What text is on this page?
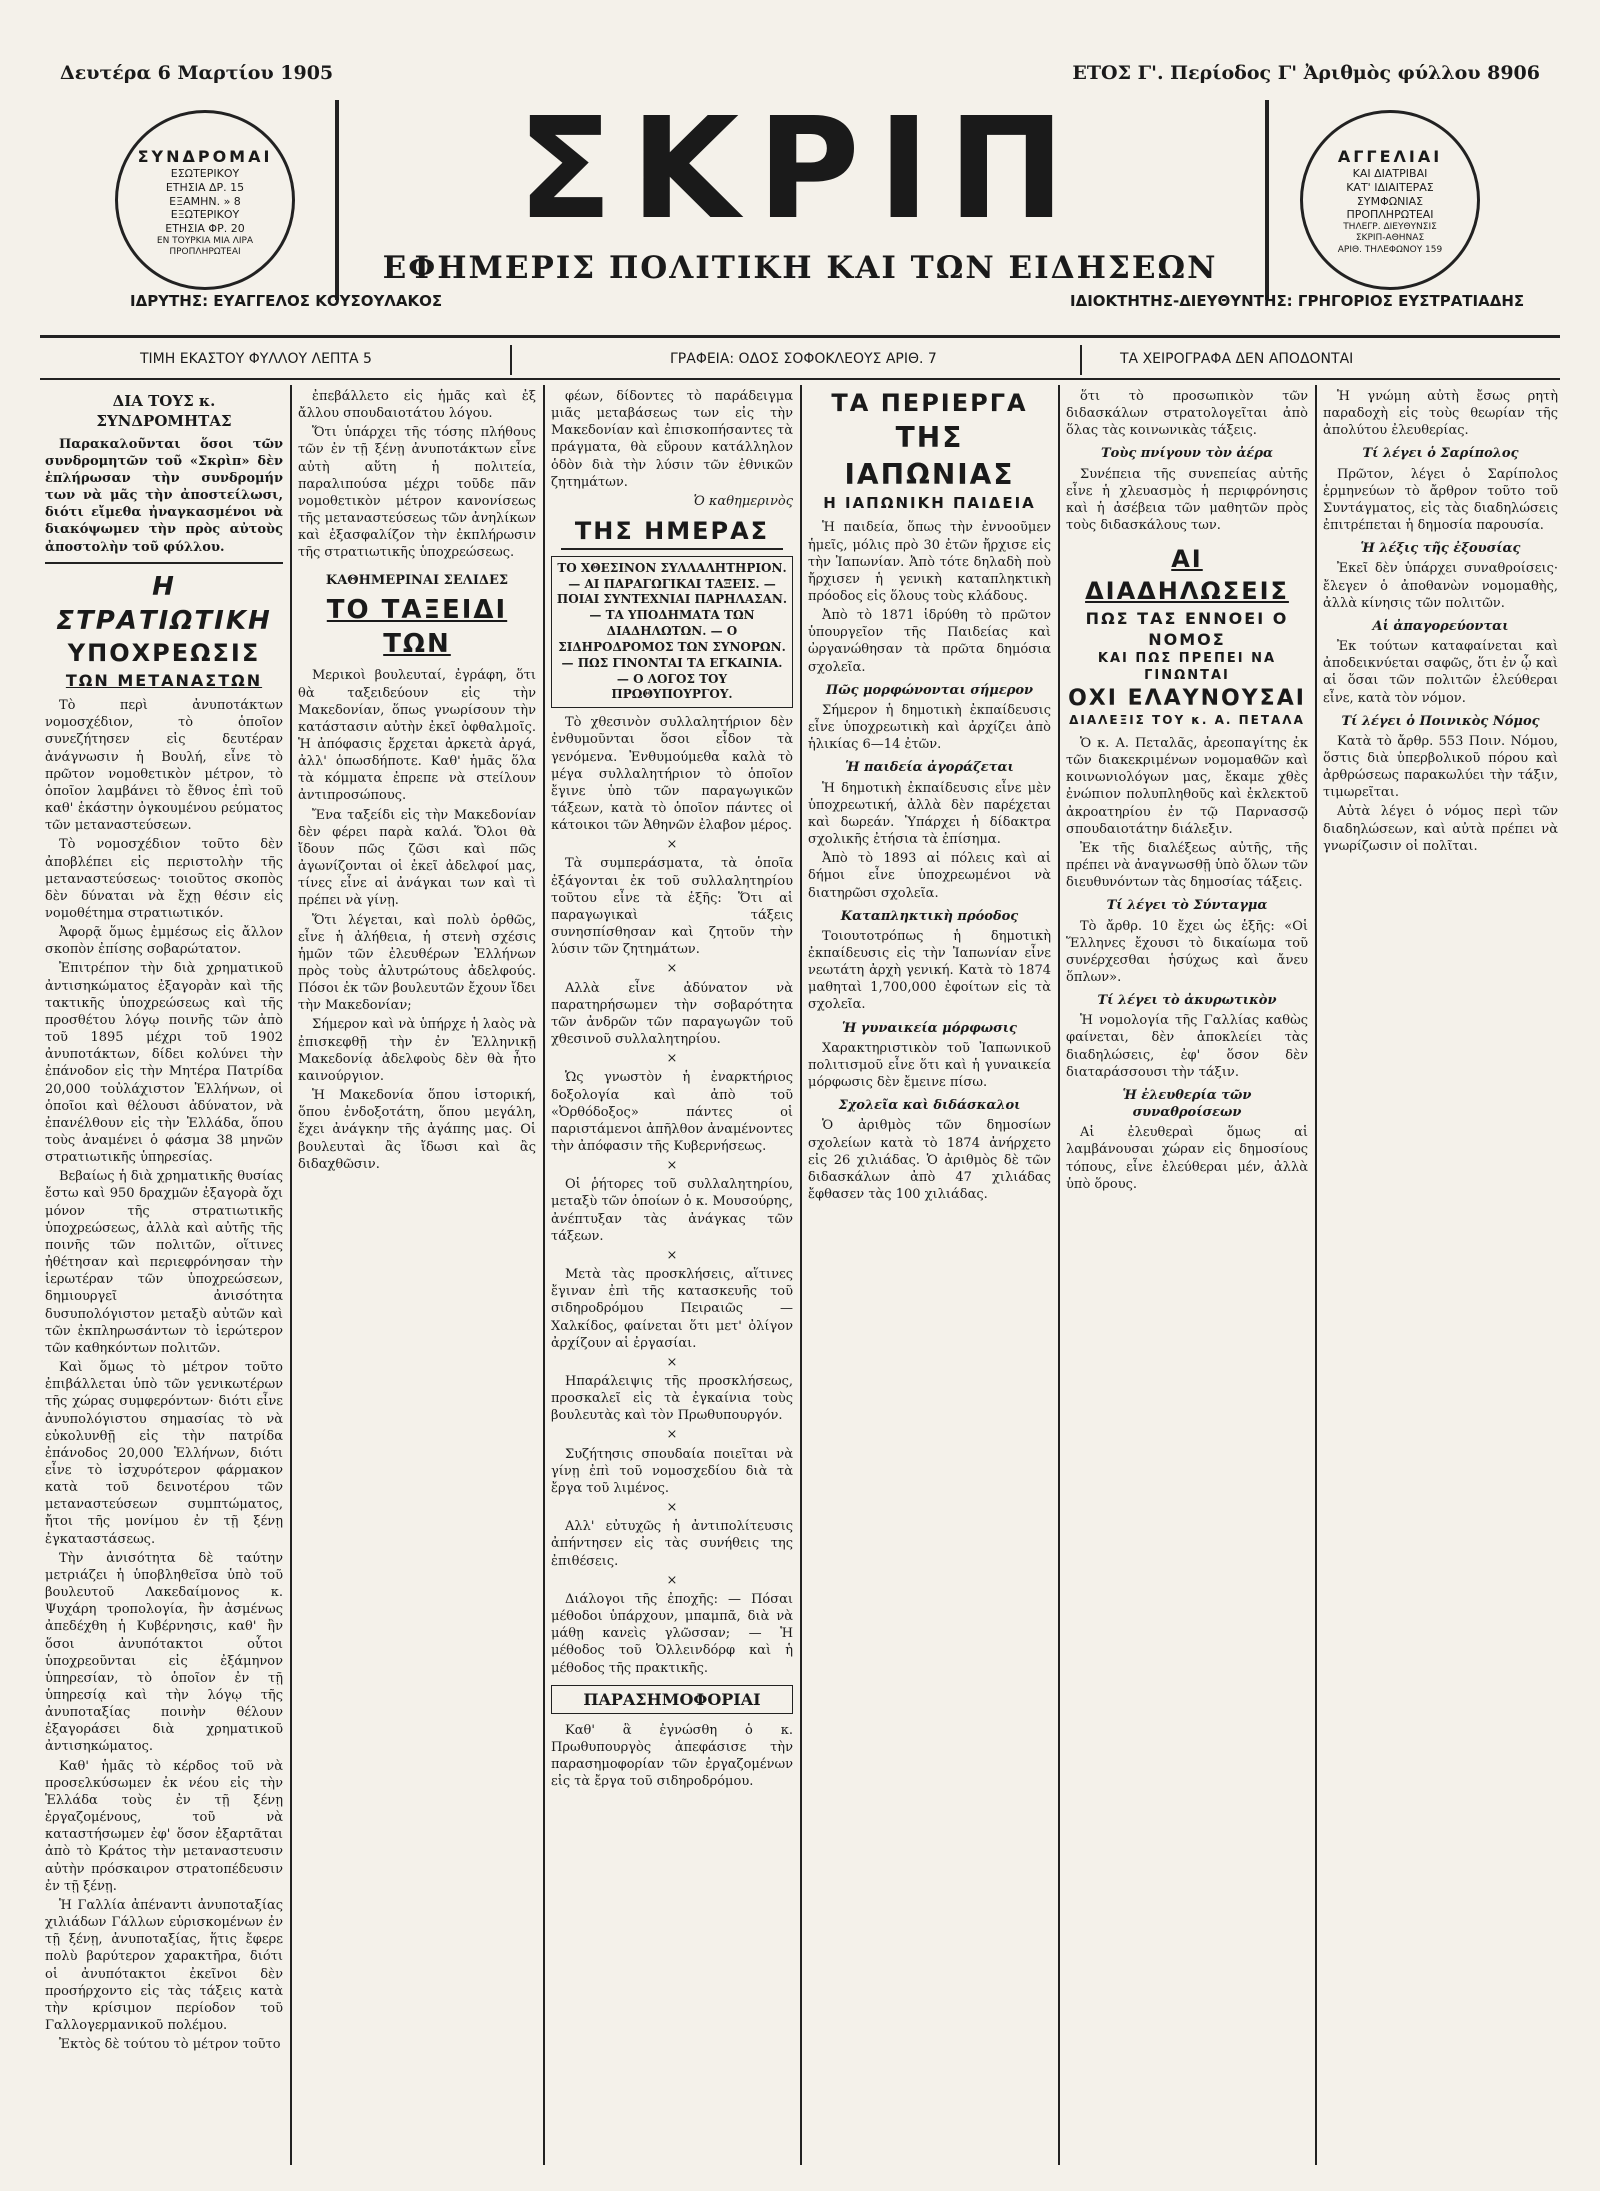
Δευτέρα 6 Μαρτίου 1905	ΕΤΟΣ Γ'. Περίοδος Γ' Ἀριθμὸς φύλλου 8906
ΣΥΝΔΡΟΜΑΙ
ΕΣΩΤΕΡΙΚΟΥ
ΕΤΗΣΙΑ ΔΡ. 15
ΕΞΑΜΗΝ. » 8
ΕΞΩΤΕΡΙΚΟΥ
ΕΤΗΣΙΑ ΦΡ. 20
ΕΝ ΤΟΥΡΚΙΑ ΜΙΑ ΛΙΡΑ
ΠΡΟΠΛΗΡΩΤΕΑΙ
ΑΓΓΕΛΙΑΙ
ΚΑΙ ΔΙΑΤΡΙΒΑΙ
ΚΑΤ' ΙΔΙΑΙΤΕΡΑΣ
ΣΥΜΦΩΝΙΑΣ
ΠΡΟΠΛΗΡΩΤΕΑΙ
ΤΗΛΕΓΡ. ΔΙΕΥΘΥΝΣΙΣ
ΣΚΡΙΠ-ΑΘΗΝΑΣ
ΑΡΙΘ. ΤΗΛΕΦΩΝΟΥ 159
ΣΚΡΙΠ
ΕΦΗΜΕΡΙΣ ΠΟΛΙΤΙΚΗ ΚΑΙ ΤΩΝ ΕΙΔΗΣΕΩΝ
ΙΔΡΥΤΗΣ: ΕΥΑΓΓΕΛΟΣ ΚΟΥΣΟΥΛΑΚΟΣ	ΙΔΙΟΚΤΗΤΗΣ-ΔΙΕΥΘΥΝΤΗΣ: ΓΡΗΓΟΡΙΟΣ ΕΥΣΤΡΑΤΙΑΔΗΣ
ΤΙΜΗ ΕΚΑΣΤΟΥ ΦΥΛΛΟΥ ΛΕΠΤΑ 5	ΓΡΑΦΕΙΑ: ΟΔΟΣ ΣΟΦΟΚΛΕΟΥΣ ΑΡΙΘ. 7	ΤΑ ΧΕΙΡΟΓΡΑΦΑ ΔΕΝ ΑΠΟΔΟΝΤΑΙ
ΔΙΑ ΤΟΥΣ κ. ΣΥΝΔΡΟΜΗΤΑΣ

Παρακαλοῦνται ὅσοι τῶν συνδρομητῶν τοῦ «Σκρὶπ» δὲν ἐπλήρωσαν τὴν συνδρομήν των νὰ μᾶς τὴν ἀποστείλωσι, διότι εἴμεθα ἠναγκασμένοι νὰ διακόψωμεν τὴν πρὸς αὐτοὺς ἀποστολὴν τοῦ φύλλου.

Η ΣΤΡΑΤΙΩΤΙΚΗ
ΥΠΟΧΡΕΩΣΙΣ
ΤΩΝ ΜΕΤΑΝΑΣΤΩΝ

Τὸ περὶ ἀνυποτάκτων νομοσχέδιον, τὸ ὁποῖον συνεζήτησεν εἰς δευτέραν ἀνάγνωσιν ἡ Βουλή, εἶνε τὸ πρῶτον νομοθετικὸν μέτρον, τὸ ὁποῖον λαμβάνει τὸ ἔθνος ἐπὶ τοῦ καθ' ἑκάστην ὀγκουμένου ρεύματος τῶν μεταναστεύσεων.

Τὸ νομοσχέδιον τοῦτο δὲν ἀποβλέπει εἰς περιστολὴν τῆς μεταναστεύσεως· τοιοῦτος σκοπὸς δὲν δύναται νὰ ἔχῃ θέσιν εἰς νομοθέτημα στρατιωτικόν.

Ἀφορᾷ ὅμως ἐμμέσως εἰς ἄλλον σκοπὸν ἐπίσης σοβαρώτατον.

Ἐπιτρέπον τὴν διὰ χρηματικοῦ ἀντισηκώματος ἐξαγορὰν καὶ τῆς τακτικῆς ὑποχρεώσεως καὶ τῆς προσθέτου λόγῳ ποινῆς τῶν ἀπὸ τοῦ 1895 μέχρι τοῦ 1902 ἀνυποτάκτων, δίδει κολύνει τὴν ἐπάνοδον εἰς τὴν Μητέρα Πατρίδα 20,000 τοὐλάχιστον Ἑλλήνων, οἱ ὁποῖοι καὶ θέλουσι ἀδύνατον, νὰ ἐπανέλθουν εἰς τὴν Ἑλλάδα, ὅπου τοὺς ἀναμένει ὁ φάσμα 38 μηνῶν στρατιωτικῆς ὑπηρεσίας.

Βεβαίως ἡ διὰ χρηματικῆς θυσίας ἔστω καὶ 950 δραχμῶν ἐξαγορὰ ὄχι μόνον τῆς στρατιωτικῆς ὑποχρεώσεως, ἀλλὰ καὶ αὐτῆς τῆς ποινῆς τῶν πολιτῶν, οἵτινες ἠθέτησαν καὶ περιεφρόνησαν τὴν ἱερωτέραν τῶν ὑποχρεώσεων, δημιουργεῖ ἀνισότητα δυσυπολόγιστον μεταξὺ αὐτῶν καὶ τῶν ἐκπληρωσάντων τὸ ἱερώτερον τῶν καθηκόντων πολιτῶν.

Καὶ ὅμως τὸ μέτρον τοῦτο ἐπιβάλλεται ὑπὸ τῶν γενικωτέρων τῆς χώρας συμφερόντων· διότι εἶνε ἀνυπολόγιστου σημασίας τὸ νὰ εὐκολυνθῇ εἰς τὴν πατρίδα ἐπάνοδος 20,000 Ἑλλήνων, διότι εἶνε τὸ ἰσχυρότερον φάρμακον κατὰ τοῦ δεινοτέρου τῶν μεταναστεύσεων συμπτώματος, ἤτοι τῆς μονίμου ἐν τῇ ξένῃ ἐγκαταστάσεως.

Τὴν ἀνισότητα δὲ ταύτην μετριάζει ἡ ὑποβληθεῖσα ὑπὸ τοῦ βουλευτοῦ Λακεδαίμονος κ. Ψυχάρη τροπολογία, ἣν ἀσμένως ἀπεδέχθη ἡ Κυβέρνησις, καθ' ἣν ὅσοι ἀνυπότακτοι οὗτοι ὑποχρεοῦνται εἰς ἐξάμηνον ὑπηρεσίαν, τὸ ὁποῖον ἐν τῇ ὑπηρεσίᾳ καὶ τὴν λόγῳ τῆς ἀνυποταξίας ποινὴν θέλουν ἐξαγοράσει διὰ χρηματικοῦ ἀντισηκώματος.

Καθ' ἡμᾶς τὸ κέρδος τοῦ νὰ προσελκύσωμεν ἐκ νέου εἰς τὴν Ἑλλάδα τοὺς ἐν τῇ ξένῃ ἐργαζομένους, τοῦ νὰ καταστήσωμεν ἐφ' ὅσον ἐξαρτᾶται ἀπὸ τὸ Κράτος τὴν μεταναστευσιν αὐτὴν πρόσκαιρον στρατοπέδευσιν ἐν τῇ ξένῃ.

Ἡ Γαλλία ἀπέναντι ἀνυποταξίας χιλιάδων Γάλλων εὑρισκομένων ἐν τῇ ξένῃ, ἀνυποταξίας, ἥτις ἔφερε πολὺ βαρύτερον χαρακτῆρα, διότι οἱ ἀνυπότακτοι ἐκεῖνοι δὲν προσήρχοντο εἰς τὰς τάξεις κατὰ τὴν κρίσιμον περίοδον τοῦ Γαλλογερμανικοῦ πολέμου.

Ἐκτὸς δὲ τούτου τὸ μέτρον τοῦτο

ἐπεβάλλετο εἰς ἡμᾶς καὶ ἐξ ἄλλου σπουδαιοτάτου λόγου.

Ὅτι ὑπάρχει τῆς τόσης πλήθους τῶν ἐν τῇ ξένῃ ἀνυποτάκτων εἶνε αὐτὴ αὕτη ἡ πολιτεία, παραλιπούσα μέχρι τοῦδε πᾶν νομοθετικὸν μέτρον κανονίσεως τῆς μεταναστεύσεως τῶν ἀνηλίκων καὶ ἐξασφαλίζον τὴν ἐκπλήρωσιν τῆς στρατιωτικῆς ὑποχρεώσεως.

ΚΑΘΗΜΕΡΙΝΑΙ ΣΕΛΙΔΕΣ
ΤΟ ΤΑΞΕΙΔΙ ΤΩΝ

Μερικοὶ βουλευταί, ἐγράφη, ὅτι θὰ ταξειδεύουν εἰς τὴν Μακεδονίαν, ὅπως γνωρίσουν τὴν κατάστασιν αὐτὴν ἐκεῖ ὀφθαλμοῖς. Ἡ ἀπόφασις ἔρχεται ἀρκετὰ ἀργά, ἀλλ' ὁπωσδήποτε. Καθ' ἡμᾶς ὅλα τὰ κόμματα ἐπρεπε νὰ στείλουν ἀντιπροσώπους.

Ἔνα ταξείδι εἰς τὴν Μακεδονίαν δὲν φέρει παρὰ καλά. Ὅλοι θὰ ἴδουν πῶς ζῶσι καὶ πῶς ἀγωνίζονται οἱ ἐκεῖ ἀδελφοί μας, τίνες εἶνε αἱ ἀνάγκαι των καὶ τὶ πρέπει νὰ γίνῃ.

Ὅτι λέγεται, καὶ πολὺ ὀρθῶς, εἶνε ἡ ἀλήθεια, ἡ στενὴ σχέσις ἡμῶν τῶν ἐλευθέρων Ἑλλήνων πρὸς τοὺς ἀλυτρώτους ἀδελφούς. Πόσοι ἐκ τῶν βουλευτῶν ἔχουν ἴδει τὴν Μακεδονίαν;

Σήμερον καὶ νὰ ὑπήρχε ἡ λαὸς νὰ ἐπισκεφθῇ τὴν ἐν Ἑλληνικῇ Μακεδονίᾳ ἀδελφοὺς δὲν θὰ ἦτο καινούργιον.

Ἡ Μακεδονία ὅπου ἱστορική, ὅπου ἐνδοξοτάτη, ὅπου μεγάλη, ἔχει ἀνάγκην τῆς ἀγάπης μας. Οἱ βουλευταὶ ἂς ἴδωσι καὶ ἂς διδαχθῶσιν.

φέων, δίδοντες τὸ παράδειγμα μιᾶς μεταβάσεως των εἰς τὴν Μακεδονίαν καὶ ἐπισκοπήσαντες τὰ πράγματα, θὰ εὕρουν κατάλληλον ὁδὸν διὰ τὴν λύσιν τῶν ἐθνικῶν ζητημάτων.

Ὁ καθημερινὸς
ΤΗΣ ΗΜΕΡΑΣ
ΤΟ ΧΘΕΣΙΝΟΝ ΣΥΛΛΑΛΗΤΗΡΙΟΝ. — ΑΙ ΠΑΡΑΓΩΓΙΚΑΙ ΤΑΞΕΙΣ. — ΠΟΙΑΙ ΣΥΝΤΕΧΝΙΑΙ ΠΑΡΗΛΑΣΑΝ. — ΤΑ ΥΠΟΔΗΜΑΤΑ ΤΩΝ ΔΙΑΔΗΛΩΤΩΝ. — Ο ΣΙΔΗΡΟΔΡΟΜΟΣ ΤΩΝ ΣΥΝΟΡΩΝ. — ΠΩΣ ΓΙΝΟΝΤΑΙ ΤΑ ΕΓΚΑΙΝΙΑ. — Ο ΛΟΓΟΣ ΤΟΥ ΠΡΩΘΥΠΟΥΡΓΟΥ.

Τὸ χθεσινὸν συλλαλητήριον δὲν ἐνθυμοῦνται ὅσοι εἶδον τὰ γενόμενα. Ἐνθυμούμεθα καλὰ τὸ μέγα συλλαλητήριον τὸ ὁποῖον ἔγινε ὑπὸ τῶν παραγωγικῶν τάξεων, κατὰ τὸ ὁποῖον πάντες οἱ κάτοικοι τῶν Ἀθηνῶν ἐλαβον μέρος.

×

Τὰ συμπεράσματα, τὰ ὁποῖα ἐξάγονται ἐκ τοῦ συλλαλητηρίου τοῦτου εἶνε τὰ ἑξῆς: Ὅτι αἱ παραγωγικαὶ τάξεις συνησπίσθησαν καὶ ζητοῦν τὴν λύσιν τῶν ζητημάτων.

×

Αλλὰ εἶνε ἀδύνατον νὰ παρατηρήσωμεν τὴν σοβαρότητα τῶν ἀνδρῶν τῶν παραγωγῶν τοῦ χθεσινοῦ συλλαλητηρίου.

×

Ὡς γνωστὸν ἡ ἐναρκτήριος δοξολογία καὶ ἀπὸ τοῦ «Ὀρθόδοξος» πάντες οἱ παριστάμενοι ἀπῆλθον ἀναμένοντες τὴν ἀπόφασιν τῆς Κυβερνήσεως.

×

Οἱ ῥήτορες τοῦ συλλαλητηρίου, μεταξὺ τῶν ὁποίων ὁ κ. Μουσούρης, ἀνέπτυξαν τὰς ἀνάγκας τῶν τάξεων.

×

Μετὰ τὰς προσκλήσεις, αἵτινες ἔγιναν ἐπὶ τῆς κατασκευῆς τοῦ σιδηροδρόμου Πειραιῶς — Χαλκίδος, φαίνεται ὅτι μετ' ὀλίγον ἀρχίζουν αἱ ἐργασίαι.

×

Ηπαράλειψις τῆς προσκλήσεως, προσκαλεῖ εἰς τὰ ἐγκαίνια τοὺς βουλευτὰς καὶ τὸν Πρωθυπουργόν.

×

Συζήτησις σπουδαία ποιεῖται νὰ γίνῃ ἐπὶ τοῦ νομοσχεδίου διὰ τὰ ἔργα τοῦ λιμένος.

×

Αλλ' εὐτυχῶς ἡ ἀντιπολίτευσις ἀπήντησεν εἰς τὰς συνήθεις της ἐπιθέσεις.

×

Διάλογοι τῆς ἐποχῆς: — Πόσαι μέθοδοι ὑπάρχουν, μπαμπᾶ, διὰ νὰ μάθῃ κανεὶς γλῶσσαν; — Ἡ μέθοδος τοῦ Ὀλλεινδόρφ καὶ ἡ μέθοδος τῆς πρακτικῆς.

ΠΑΡΑΣΗΜΟΦΟΡΙΑΙ

Καθ' ἃ ἐγνώσθη ὁ κ. Πρωθυπουργὸς ἀπεφάσισε τὴν παρασημοφορίαν τῶν ἐργαζομένων εἰς τὰ ἔργα τοῦ σιδηροδρόμου.

ΤΑ ΠΕΡΙΕΡΓΑ
ΤΗΣ ΙΑΠΩΝΙΑΣ
Η ΙΑΠΩΝΙΚΗ ΠΑΙΔΕΙΑ

Ἡ παιδεία, ὅπως τὴν ἐννοοῦμεν ἡμεῖς, μόλις πρὸ 30 ἐτῶν ἤρχισε εἰς τὴν Ἰαπωνίαν. Ἀπὸ τότε δηλαδὴ ποὺ ἤρχισεν ἡ γενικὴ καταπληκτικὴ πρόοδος εἰς ὅλους τοὺς κλάδους.

Ἀπὸ τὸ 1871 ἱδρύθη τὸ πρῶτον ὑπουργεῖον τῆς Παιδείας καὶ ὠργανώθησαν τὰ πρῶτα δημόσια σχολεῖα.

Πῶς μορφώνονται σήμερον

Σήμερον ἡ δημοτικὴ ἐκπαίδευσις εἶνε ὑποχρεωτικὴ καὶ ἀρχίζει ἀπὸ ἡλικίας 6—14 ἐτῶν.

Ἡ παιδεία ἀγοράζεται

Ἡ δημοτικὴ ἐκπαίδευσις εἶνε μὲν ὑποχρεωτική, ἀλλὰ δὲν παρέχεται καὶ δωρεάν. Ὑπάρχει ἡ δίδακτρα σχολικῆς ἐτήσια τὰ ἐπίσημα.

Ἀπὸ τὸ 1893 αἱ πόλεις καὶ αἱ δήμοι εἶνε ὑποχρεωμένοι νὰ διατηρῶσι σχολεῖα.

Καταπληκτικὴ πρόοδος

Τοιουτοτρόπως ἡ δημοτικὴ ἐκπαίδευσις εἰς τὴν Ἰαπωνίαν εἶνε νεωτάτη ἀρχὴ γενική. Κατὰ τὸ 1874 μαθηταὶ 1,700,000 ἐφοίτων εἰς τὰ σχολεῖα.

Ἡ γυναικεία μόρφωσις

Χαρακτηριστικὸν τοῦ Ἰαπωνικοῦ πολιτισμοῦ εἶνε ὅτι καὶ ἡ γυναικεία μόρφωσις δὲν ἔμεινε πίσω.

Σχολεῖα καὶ διδάσκαλοι

Ὁ ἀριθμὸς τῶν δημοσίων σχολείων κατὰ τὸ 1874 ἀνήρχετο εἰς 26 χιλιάδας. Ὁ ἀριθμὸς δὲ τῶν διδασκάλων ἀπὸ 47 χιλιάδας ἔφθασεν τὰς 100 χιλιάδας.

ὅτι τὸ προσωπικὸν τῶν διδασκάλων στρατολογεῖται ἀπὸ ὅλας τὰς κοινωνικὰς τάξεις.

Τοὺς πνίγουν τὸν ἀέρα

Συνέπεια τῆς συνεπείας αὐτῆς εἶνε ἡ χλευασμὸς ἡ περιφρόνησις καὶ ἡ ἀσέβεια τῶν μαθητῶν πρὸς τοὺς διδασκάλους των.

ΑΙ ΔΙΑΔΗΛΩΣΕΙΣ
ΠΩΣ ΤΑΣ ΕΝΝΟΕΙ Ο ΝΟΜΟΣ
ΚΑΙ ΠΩΣ ΠΡΕΠΕΙ ΝΑ ΓΙΝΩΝΤΑΙ
ΟΧΙ ΕΛΑΥΝΟΥΣΑΙ
ΔΙΑΛΕΞΙΣ ΤΟΥ κ. Α. ΠΕΤΑΛΑ

Ὁ κ. Α. Πεταλᾶς, ἀρεοπαγίτης ἐκ τῶν διακεκριμένων νομομαθῶν καὶ κοινωνιολόγων μας, ἔκαμε χθὲς ἐνώπιον πολυπληθοῦς καὶ ἐκλεκτοῦ ἀκροατηρίου ἐν τῷ Παρνασσῷ σπουδαιοτάτην διάλεξιν.

Ἐκ τῆς διαλέξεως αὐτῆς, τῆς πρέπει νὰ ἀναγνωσθῇ ὑπὸ ὅλων τῶν διευθυνόντων τὰς δημοσίας τάξεις.

Τί λέγει τὸ Σύνταγμα

Τὸ ἄρθρ. 10 ἔχει ὡς ἑξῆς: «Οἱ Ἕλληνες ἔχουσι τὸ δικαίωμα τοῦ συνέρχεσθαι ἡσύχως καὶ ἄνευ ὅπλων».

Τί λέγει τὸ ἀκυρωτικὸν

Ἡ νομολογία τῆς Γαλλίας καθὼς φαίνεται, δὲν ἀποκλείει τὰς διαδηλώσεις, ἐφ' ὅσον δὲν διαταράσσουσι τὴν τάξιν.

Ἡ ἐλευθερία τῶν συναθροίσεων

Αἱ ἐλευθεραὶ ὅμως αἱ λαμβάνουσαι χώραν εἰς δημοσίους τόπους, εἶνε ἐλεύθεραι μέν, ἀλλὰ ὑπὸ ὅρους.

Ἡ γνώμη αὐτὴ ἔσως ρητὴ παραδοχὴ εἰς τοὺς θεωρίαν τῆς ἀπολύτου ἐλευθερίας.

Τί λέγει ὁ Σαρίπολος

Πρῶτον, λέγει ὁ Σαρίπολος ἑρμηνεύων τὸ ἄρθρον τοῦτο τοῦ Συντάγματος, εἰς τὰς διαδηλώσεις ἐπιτρέπεται ἡ δημοσία παρουσία.

Ἡ λέξις τῆς ἐξουσίας

Ἐκεῖ δὲν ὑπάρχει συναθροίσεις· ἔλεγεν ὁ ἀποθανὼν νομομαθὴς, ἀλλὰ κίνησις τῶν πολιτῶν.

Αἱ ἀπαγορεύονται

Ἐκ τούτων καταφαίνεται καὶ ἀποδεικνύεται σαφῶς, ὅτι ἐν ᾧ καὶ αἱ ὅσαι τῶν πολιτῶν ἐλεύθεραι εἶνε, κατὰ τὸν νόμον.

Τί λέγει ὁ Ποινικὸς Νόμος

Κατὰ τὸ ἄρθρ. 553 Ποιν. Νόμου, ὅστις διὰ ὑπερβολικοῦ πόρου καὶ ἀρθρώσεως παρακωλύει τὴν τάξιν, τιμωρεῖται.

Αὐτὰ λέγει ὁ νόμος περὶ τῶν διαδηλώσεων, καὶ αὐτὰ πρέπει νὰ γνωρίζωσιν οἱ πολῖται.
